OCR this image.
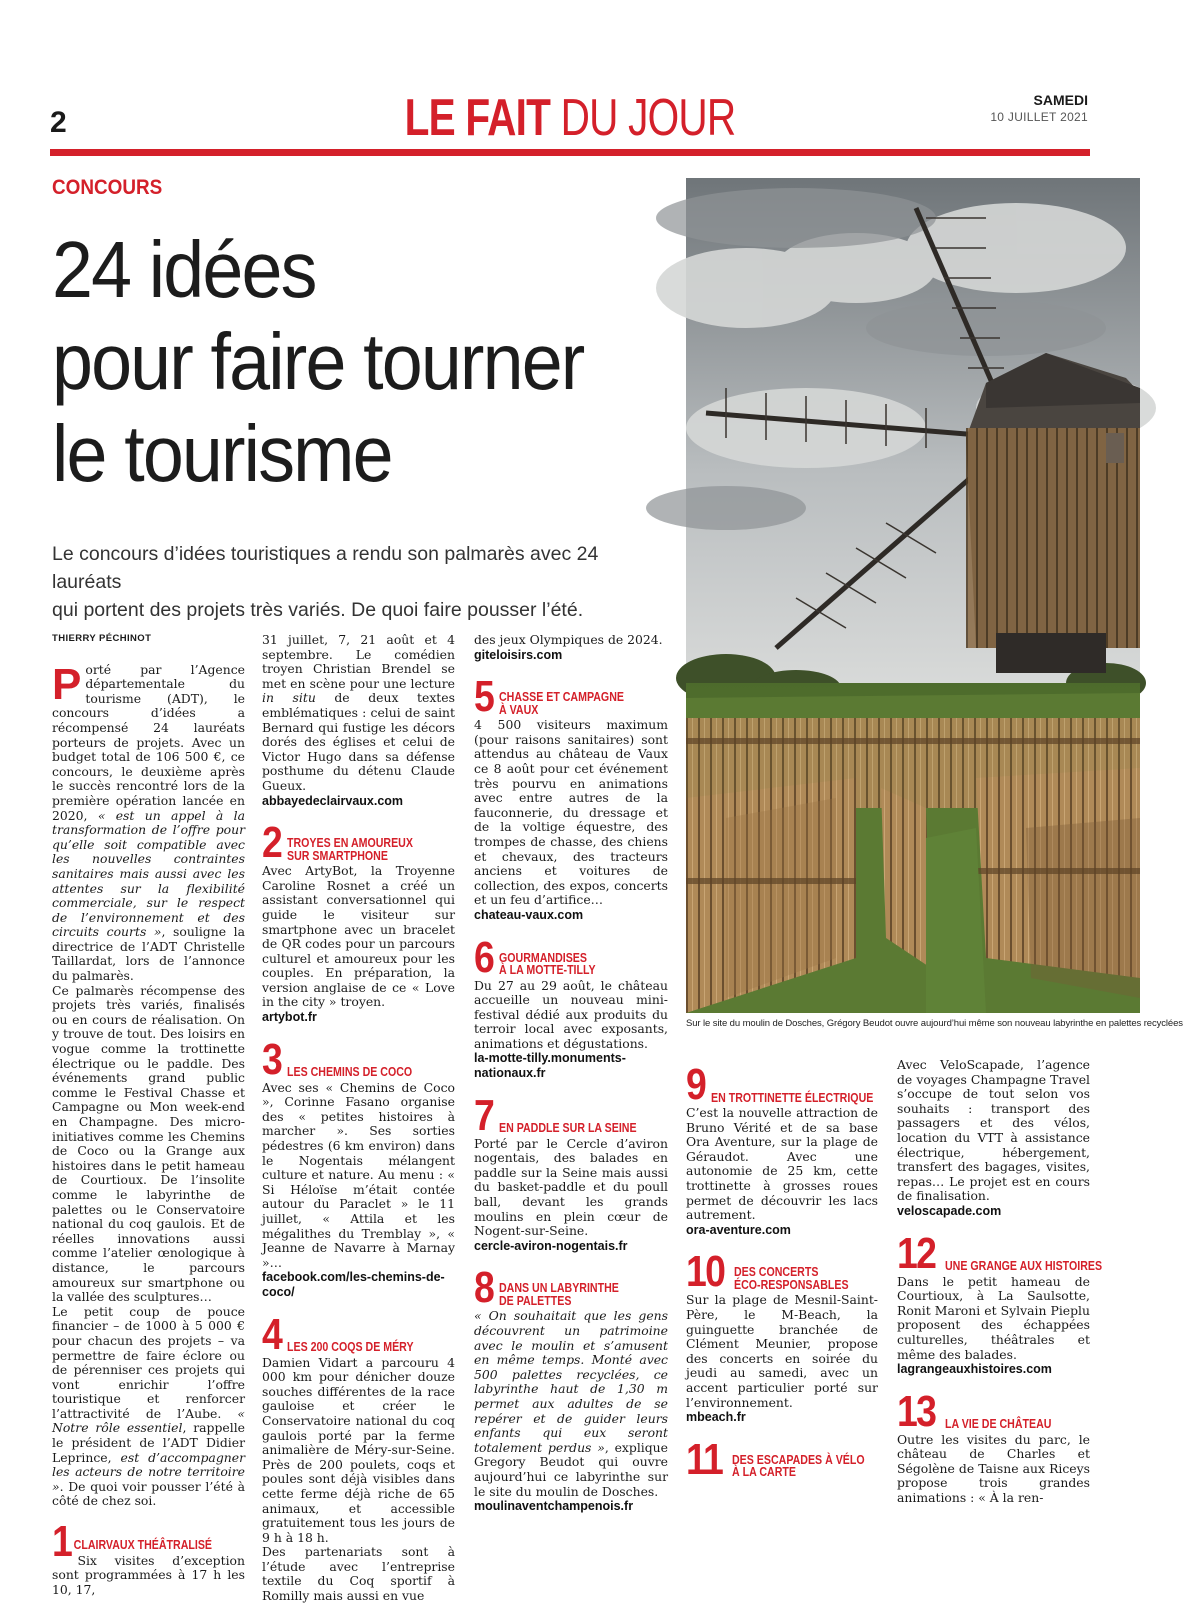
2	LE FAIT DU JOUR	SAMEDI
10 JUILLET 2021
CONCOURS
24 idées
pour faire tourner
le tourisme
Le concours d’idées touristiques a rendu son palmarès avec 24 lauréats
qui portent des projets très variés. De quoi faire pousser l’été.
Sur le site du moulin de Dosches, Grégory Beudot ouvre aujourd’hui même son nouveau labyrinthe en palettes recyclées
THIERRY PÉCHINOT

Porté par l’Agence départementale du tourisme (ADT), le concours d’idées a récompensé 24 lauréats porteurs de projets. Avec un budget total de 106 500 €, ce concours, le deuxième après le succès rencontré lors de la première opération lancée en 2020, « est un appel à la transformation de l’offre pour qu’elle soit compatible avec les nouvelles contraintes sanitaires mais aussi avec les attentes sur la flexibilité commerciale, sur le respect de l’environnement et des circuits courts », souligne la directrice de l’ADT Christelle Taillardat, lors de l’annonce du palmarès.

Ce palmarès récompense des projets très variés, finalisés ou en cours de réalisation. On y trouve de tout. Des loisirs en vogue comme la trottinette électrique ou le paddle. Des événements grand public comme le Festival Chasse et Campagne ou Mon week-end en Champagne. Des micro-initiatives comme les Chemins de Coco ou la Grange aux histoires dans le petit hameau de Courtioux. De l’insolite comme le labyrinthe de palettes ou le Conservatoire national du coq gaulois. Et de réelles innovations aussi comme l’atelier œnologique à distance, le parcours amoureux sur smartphone ou la vallée des sculptures…

Le petit coup de pouce financier – de 1000 à 5 000 € pour chacun des projets – va permettre de faire éclore ou de pérenniser ces projets qui vont enrichir l’offre touristique et renforcer l’attractivité de l’Aube. « Notre rôle essentiel, rappelle le président de l’ADT Didier Leprince, est d’accompagner les acteurs de notre territoire ». De quoi voir pousser l’été à côté de chez soi.

1 CLAIRVAUX THÉÂTRALISÉ

Six visites d’exception sont programmées à 17 h les 10, 17,

31 juillet, 7, 21 août et 4 septembre. Le comédien troyen Christian Brendel se met en scène pour une lecture in situ de deux textes emblématiques : celui de saint Bernard qui fustige les décors dorés des églises et celui de Victor Hugo dans sa défense posthume du détenu Claude Gueux.

abbayedeclairvaux.com

2 TROYES EN AMOUREUX
SUR SMARTPHONE

Avec ArtyBot, la Troyenne Caroline Rosnet a créé un assistant conversationnel qui guide le visiteur sur smartphone avec un bracelet de QR codes pour un parcours culturel et amoureux pour les couples. En préparation, la version anglaise de ce « Love in the city » troyen.

artybot.fr

3 LES CHEMINS DE COCO

Avec ses « Chemins de Coco », Corinne Fasano organise des « petites histoires à marcher ». Ses sorties pédestres (6 km environ) dans le Nogentais mélangent culture et nature. Au menu : « Si Héloïse m’était contée autour du Paraclet » le 11 juillet, « Attila et les mégalithes du Tremblay », « Jeanne de Navarre à Marnay »…

facebook.com/les-chemins-de-coco/

4 LES 200 COQS DE MÉRY

Damien Vidart a parcouru 4 000 km pour dénicher douze souches différentes de la race gauloise et créer le Conservatoire national du coq gaulois porté par la ferme animalière de Méry-sur-Seine. Près de 200 poulets, coqs et poules sont déjà visibles dans cette ferme déjà riche de 65 animaux, et accessible gratuitement tous les jours de 9 h à 18 h.

Des partenariats sont à l’étude avec l’entreprise textile du Coq sportif à Romilly mais aussi en vue

des jeux Olympiques de 2024.

giteloisirs.com

5 CHASSE ET CAMPAGNE
À VAUX

4 500 visiteurs maximum (pour raisons sanitaires) sont attendus au château de Vaux ce 8 août pour cet événement très pourvu en animations avec entre autres de la fauconnerie, du dressage et de la voltige équestre, des trompes de chasse, des chiens et chevaux, des tracteurs anciens et voitures de collection, des expos, concerts et un feu d’artifice…

chateau-vaux.com

6 GOURMANDISES
À LA MOTTE-TILLY

Du 27 au 29 août, le château accueille un nouveau mini-festival dédié aux produits du terroir local avec exposants, animations et dégustations.

la-motte-tilly.monuments-nationaux.fr

7 EN PADDLE SUR LA SEINE

Porté par le Cercle d’aviron nogentais, des balades en paddle sur la Seine mais aussi du basket-paddle et du poull ball, devant les grands moulins en plein cœur de Nogent-sur-Seine.

cercle-aviron-nogentais.fr

8 DANS UN LABYRINTHE
DE PALETTES

« On souhaitait que les gens découvrent un patrimoine avec le moulin et s’amusent en même temps. Monté avec 500 palettes recyclées, ce labyrinthe haut de 1,30 m permet aux adultes de se repérer et de guider leurs enfants qui eux seront totalement perdus », explique Gregory Beudot qui ouvre aujourd’hui ce labyrinthe sur le site du moulin de Dosches.

moulinaventchampenois.fr

9 EN TROTTINETTE ÉLECTRIQUE

C’est la nouvelle attraction de Bruno Vérité et de sa base Ora Aventure, sur la plage de Géraudot. Avec une autonomie de 25 km, cette trottinette à grosses roues permet de découvrir les lacs autrement.

ora-aventure.com

10 DES CONCERTS
ÉCO-RESPONSABLES

Sur la plage de Mesnil-Saint-Père, le M-Beach, la guinguette branchée de Clément Meunier, propose des concerts en soirée du jeudi au samedi, avec un accent particulier porté sur l’environnement.

mbeach.fr

11 DES ESCAPADES À VÉLO
À LA CARTE

Avec VeloScapade, l’agence de voyages Champagne Travel s’occupe de tout selon vos souhaits : transport des passagers et des vélos, location du VTT à assistance électrique, hébergement, transfert des bagages, visites, repas… Le projet est en cours de finalisation.

veloscapade.com

12 UNE GRANGE AUX HISTOIRES

Dans le petit hameau de Courtioux, à La Saulsotte, Ronit Maroni et Sylvain Pieplu proposent des échappées culturelles, théâtrales et même des balades.

lagrangeauxhistoires.com

13 LA VIE DE CHÂTEAU

Outre les visites du parc, le château de Charles et Ségolène de Taisne aux Riceys propose trois grandes animations : « À la ren-
